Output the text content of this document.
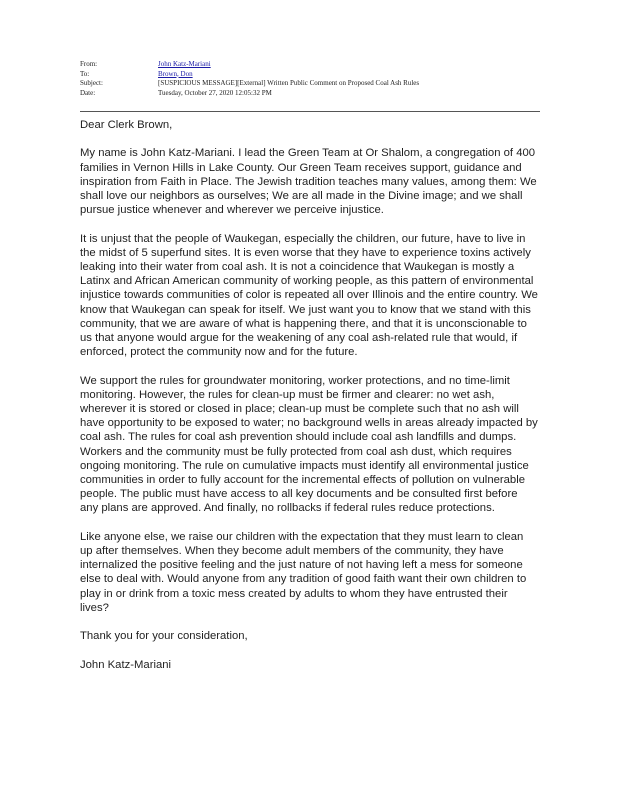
From:	John Katz-Mariani
To:	Brown, Don
Subject:	[SUSPICIOUS MESSAGE][External] Written Public Comment on Proposed Coal Ash Rules
Date:	Tuesday, October 27, 2020 12:05:32 PM

Dear Clerk Brown,

My name is John Katz-Mariani. I lead the Green Team at Or Shalom, a congregation of 400 families in Vernon Hills in Lake County. Our Green Team receives support, guidance and inspiration from Faith in Place. The Jewish tradition teaches many values, among them: We shall love our neighbors as ourselves; We are all made in the Divine image; and we shall pursue justice whenever and wherever we perceive injustice.

It is unjust that the people of Waukegan, especially the children, our future, have to live in the midst of 5 superfund sites. It is even worse that they have to experience toxins actively leaking into their water from coal ash. It is not a coincidence that Waukegan is mostly a Latinx and African American community of working people, as this pattern of environmental injustice towards communities of color is repeated all over Illinois and the entire country. We know that Waukegan can speak for itself. We just want you to know that we stand with this community, that we are aware of what is happening there, and that it is unconscionable to us that anyone would argue for the weakening of any coal ash-related rule that would, if enforced, protect the community now and for the future.

We support the rules for groundwater monitoring, worker protections, and no time-limit monitoring. However, the rules for clean-up must be firmer and clearer: no wet ash, wherever it is stored or closed in place; clean-up must be complete such that no ash will have opportunity to be exposed to water; no background wells in areas already impacted by coal ash. The rules for coal ash prevention should include coal ash landfills and dumps. Workers and the community must be fully protected from coal ash dust, which requires ongoing monitoring. The rule on cumulative impacts must identify all environmental justice communities in order to fully account for the incremental effects of pollution on vulnerable people. The public must have access to all key documents and be consulted first before any plans are approved. And finally, no rollbacks if federal rules reduce protections.

Like anyone else, we raise our children with the expectation that they must learn to clean up after themselves. When they become adult members of the community, they have internalized the positive feeling and the just nature of not having left a mess for someone else to deal with. Would anyone from any tradition of good faith want their own children to play in or drink from a toxic mess created by adults to whom they have entrusted their lives?

Thank you for your consideration,

John Katz-Mariani
